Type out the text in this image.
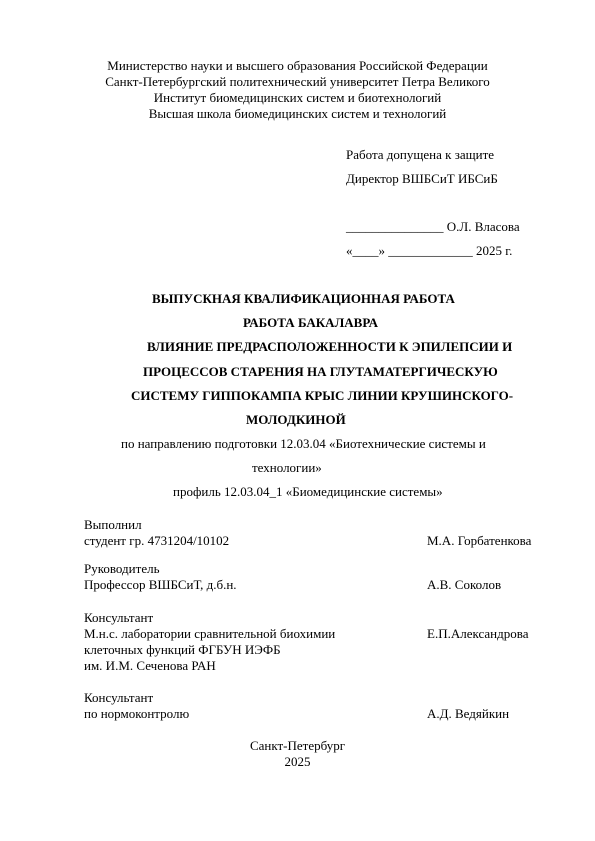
Министерство науки и высшего образования Российской Федерации
Санкт-Петербургский политехнический университет Петра Великого
Институт биомедицинских систем и биотехнологий
Высшая школа биомедицинских систем и технологий
Работа допущена к защите
Директор ВШБСиТ ИБСиБ
_______________ О.Л. Власова
«____» _____________ 2025 г.
ВЫПУСКНАЯ КВАЛИФИКАЦИОННАЯ РАБОТА
РАБОТА БАКАЛАВРА
ВЛИЯНИЕ ПРЕДРАСПОЛОЖЕННОСТИ К ЭПИЛЕПСИИ И
ПРОЦЕССОВ СТАРЕНИЯ НА ГЛУТАМАТЕРГИЧЕСКУЮ
СИСТЕМУ ГИППОКАМПА КРЫС ЛИНИИ КРУШИНСКОГО-
МОЛОДКИНОЙ
по направлению подготовки 12.03.04 «Биотехнические системы и
технологии»
профиль 12.03.04_1 «Биомедицинские системы»
Выполнил
студент гр. 4731204/10102	М.А. Горбатенкова
Руководитель
Профессор ВШБСиТ, д.б.н.	А.В. Соколов
Консультант
М.н.с. лаборатории сравнительной биохимии	Е.П.Александрова
клеточных функций ФГБУН ИЭФБ
им. И.М. Сеченова РАН
Консультант
по нормоконтролю	А.Д. Ведяйкин
Санкт-Петербург
2025
